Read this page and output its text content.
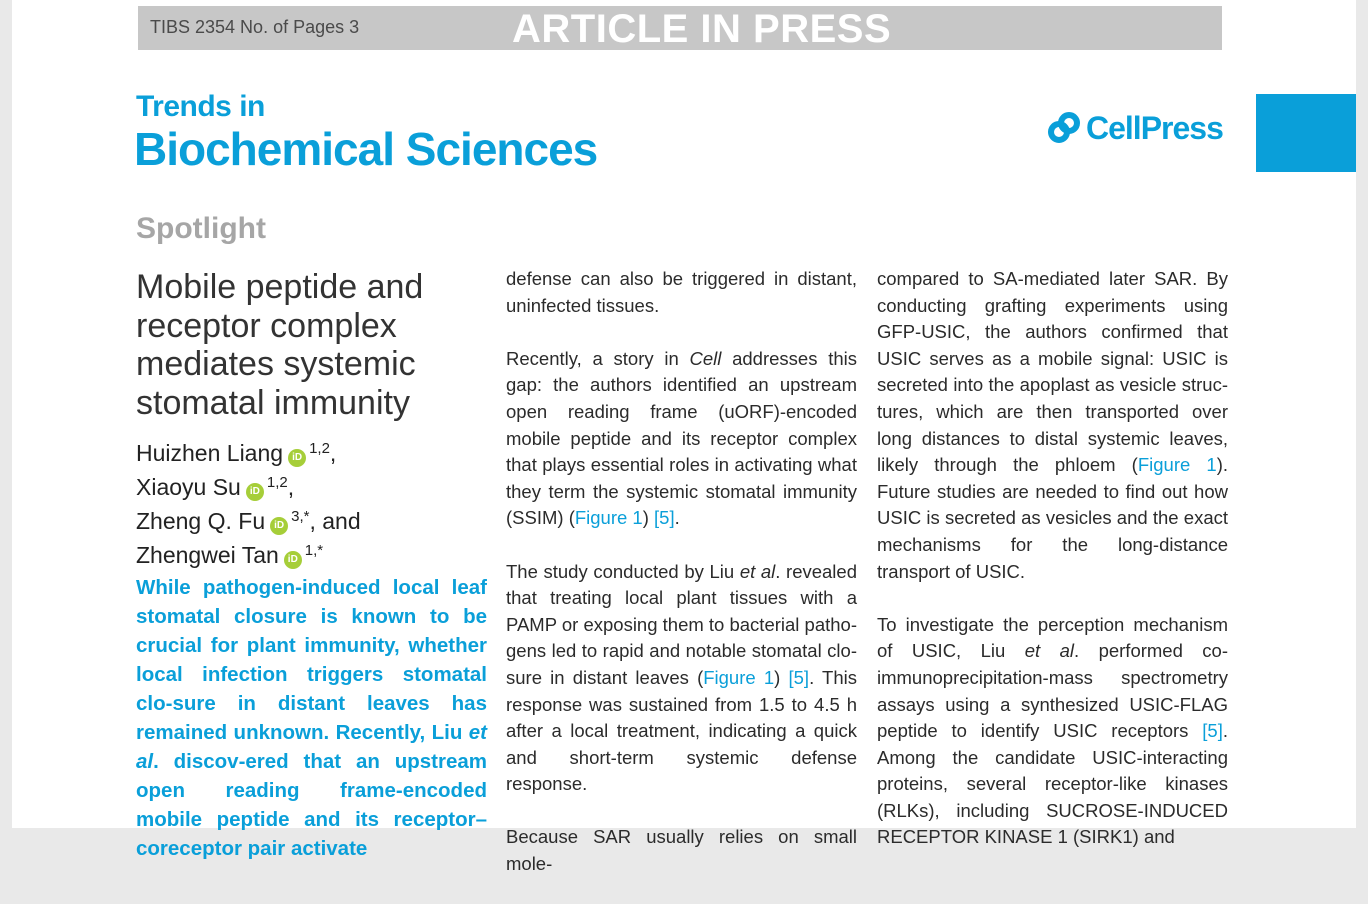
TIBS 2354 No. of Pages 3	ARTICLE IN PRESS
Trends in
Biochemical Sciences	CellPress
Spotlight
Mobile peptide and receptor complex mediates systemic stomatal immunity
Huizhen Liang iD$^{1,2}$,
Xiaoyu Su iD$^{1,2}$,
Zheng Q. Fu iD$^{3,*}$, and
Zhengwei Tan iD$^{1,*}$
While pathogen-induced local leaf stomatal closure is known to be crucial for plant immunity, whether local infection triggers stomatal clo-sure in distant leaves has remained unknown. Recently, Liu et al. discov-ered that an upstream open reading frame-encoded mobile peptide and its receptor–coreceptor pair activate

defense can also be triggered in distant, uninfected tissues.

Recently, a story in Cell addresses this gap: the authors identified an upstream open reading frame (uORF)-encoded mobile peptide and its receptor complex that plays essential roles in activating what they term the systemic stomatal immunity (SSIM) (Figure 1) [5].

The study conducted by Liu et al. revealed that treating local plant tissues with a PAMP or exposing them to bacterial patho-gens led to rapid and notable stomatal clo-sure in distant leaves (Figure 1) [5]. This response was sustained from 1.5 to 4.5 h after a local treatment, indicating a quick and short-term systemic defense response.

Because SAR usually relies on small mole-

compared to SA-mediated later SAR. By conducting grafting experiments using GFP-USIC, the authors confirmed that USIC serves as a mobile signal: USIC is secreted into the apoplast as vesicle struc-tures, which are then transported over long distances to distal systemic leaves, likely through the phloem (Figure 1). Future studies are needed to find out how USIC is secreted as vesicles and the exact mechanisms for the long-distance transport of USIC.

To investigate the perception mechanism of USIC, Liu et al. performed co-immunoprecipitation-mass spectrometry assays using a synthesized USIC-FLAG peptide to identify USIC receptors [5]. Among the candidate USIC-interacting proteins, several receptor-like kinases (RLKs), including SUCROSE-INDUCED RECEPTOR KINASE 1 (SIRK1) and
